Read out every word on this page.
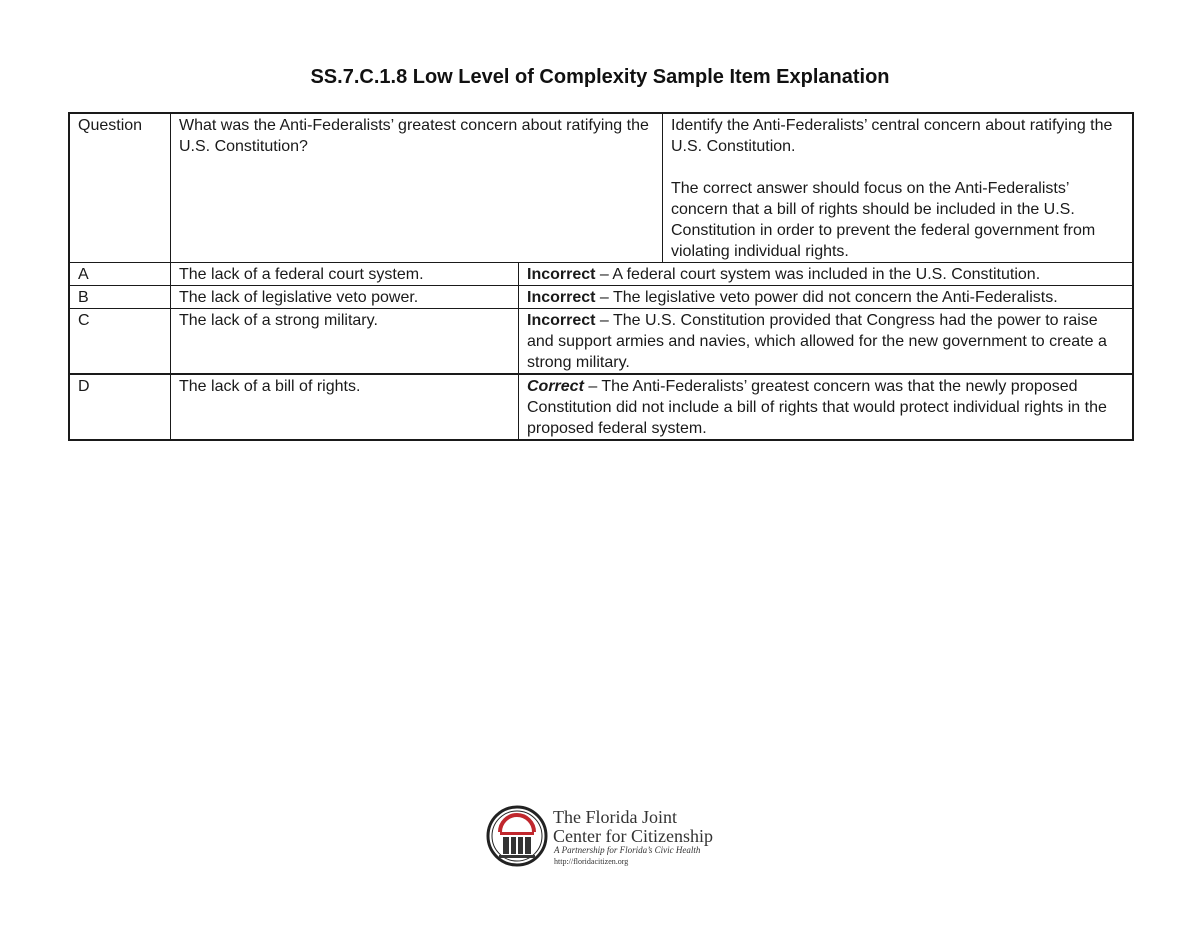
SS.7.C.1.8 Low Level of Complexity Sample Item Explanation
Question	What was the Anti-Federalists’ greatest concern about ratifying the U.S. Constitution?
Identify the Anti-Federalists’ central concern about ratifying the U.S. Constitution.
The correct answer should focus on the Anti-Federalists’ concern that a bill of rights should be included in the U.S. Constitution in order to prevent the federal government from violating individual rights.
A	The lack of a federal court system.	Incorrect – A federal court system was included in the U.S. Constitution.
B	The lack of legislative veto power.	Incorrect – The legislative veto power did not concern the Anti-Federalists.
C	The lack of a strong military.	Incorrect – The U.S. Constitution provided that Congress had the power to raise and support armies and navies, which allowed for the new government to create a strong military.
D	The lack of a bill of rights.	Correct – The Anti-Federalists’ greatest concern was that the newly proposed Constitution did not include a bill of rights that would protect individual rights in the proposed federal system.
The Florida Joint
Center for Citizenship
A Partnership for Florida’s Civic Health
http://floridacitizen.org
